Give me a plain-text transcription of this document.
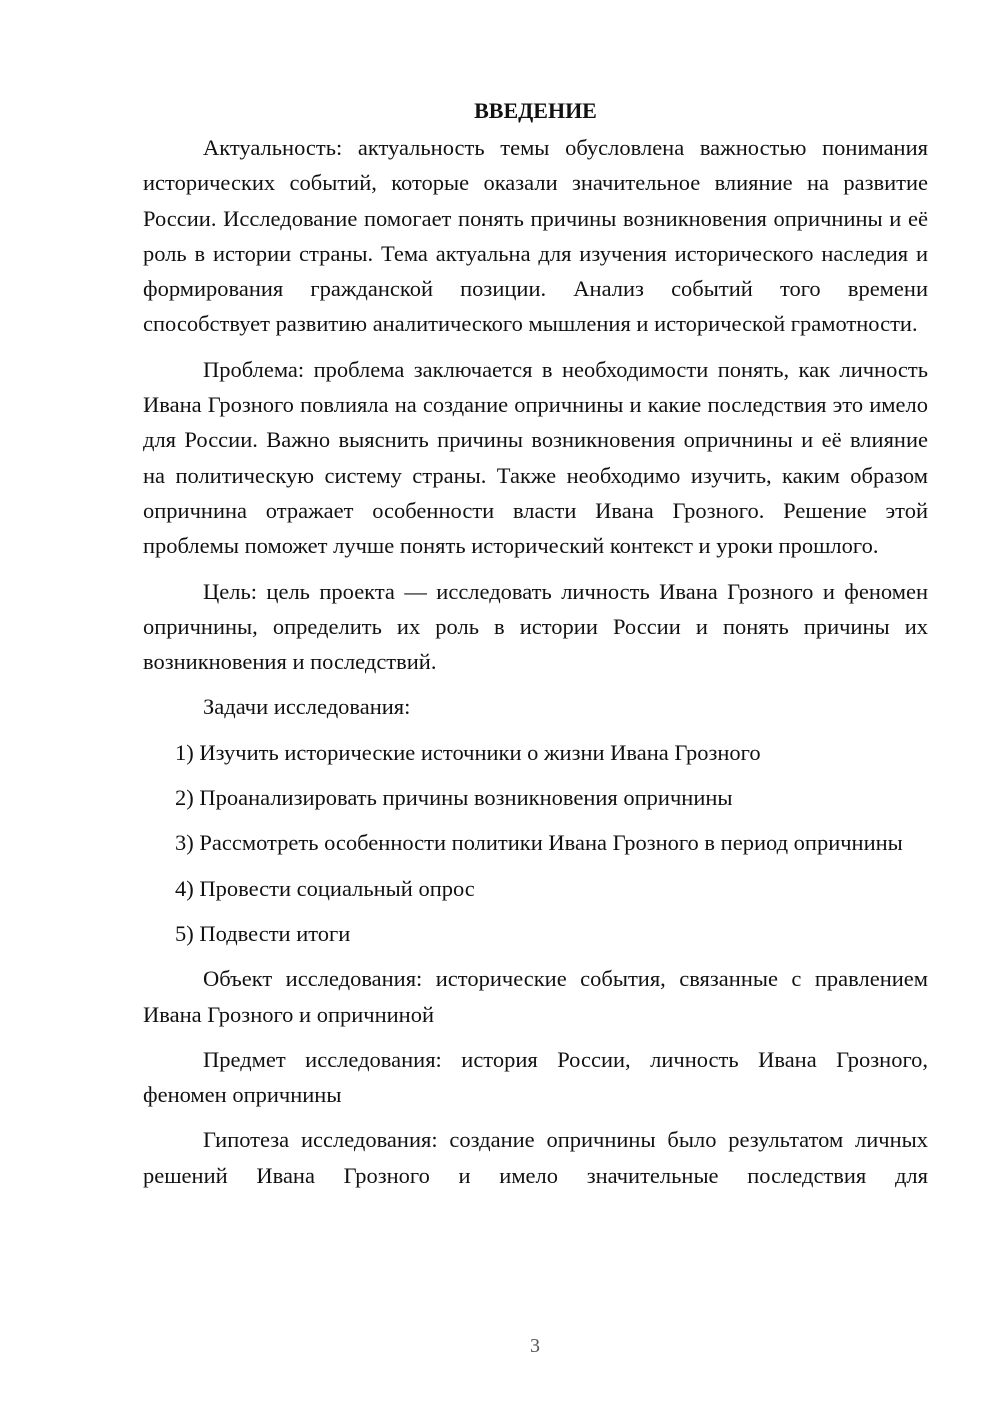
ВВЕДЕНИЕ

Актуальность: актуальность темы обусловлена важностью понимания исторических событий, которые оказали значительное влияние на развитие России. Исследование помогает понять причины возникновения опричнины и её роль в истории страны. Тема актуальна для изучения исторического наследия и формирования гражданской позиции. Анализ событий того времени способствует развитию аналитического мышления и исторической грамотности.

Проблема: проблема заключается в необходимости понять, как личность Ивана Грозного повлияла на создание опричнины и какие последствия это имело для России. Важно выяснить причины возникновения опричнины и её влияние на политическую систему страны. Также необходимо изучить, каким образом опричнина отражает особенности власти Ивана Грозного. Решение этой проблемы поможет лучше понять исторический контекст и уроки прошлого.

Цель: цель проекта — исследовать личность Ивана Грозного и феномен опричнины, определить их роль в истории России и понять причины их возникновения и последствий.

Задачи исследования:

1) Изучить исторические источники о жизни Ивана Грозного

2) Проанализировать причины возникновения опричнины

3) Рассмотреть особенности политики Ивана Грозного в период опричнины

4) Провести социальный опрос

5) Подвести итоги

Объект исследования: исторические события, связанные с правлением Ивана Грозного и опричниной

Предмет исследования: история России, личность Ивана Грозного, феномен опричнины

Гипотеза исследования: создание опричнины было результатом личных решений Ивана Грозного и имело значительные последствия для

3
